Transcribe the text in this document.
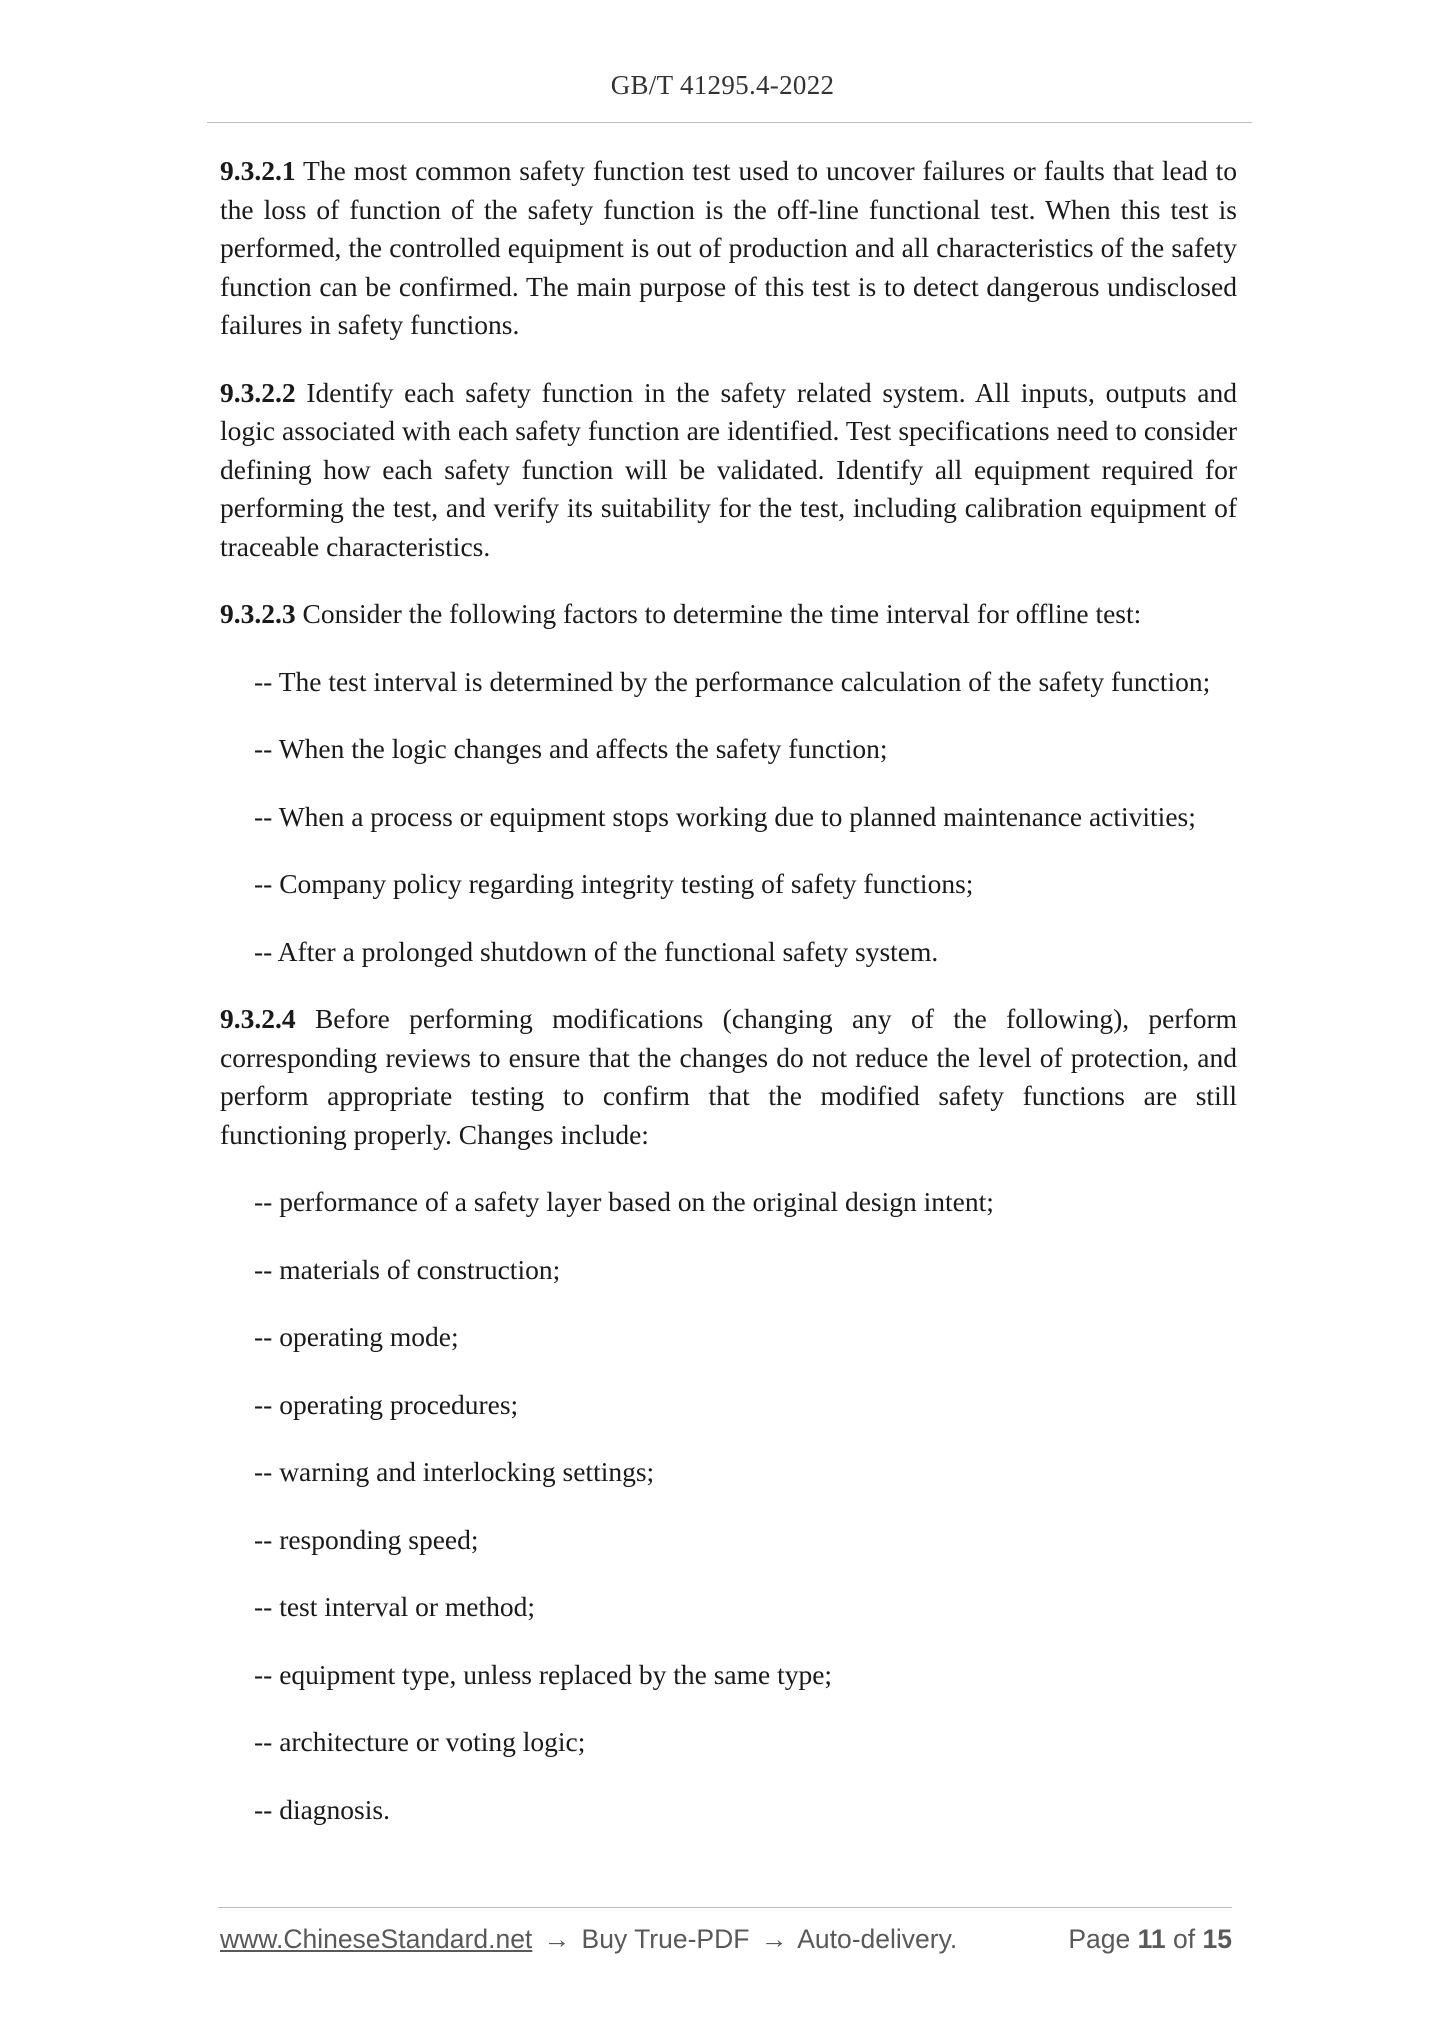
GB/T 41295.4-2022

9.3.2.1 The most common safety function test used to uncover failures or faults that lead to the loss of function of the safety function is the off-line functional test. When this test is performed, the controlled equipment is out of production and all characteristics of the safety function can be confirmed. The main purpose of this test is to detect dangerous undisclosed failures in safety functions.

9.3.2.2 Identify each safety function in the safety related system. All inputs, outputs and logic associated with each safety function are identified. Test specifications need to consider defining how each safety function will be validated. Identify all equipment required for performing the test, and verify its suitability for the test, including calibration equipment of traceable characteristics.

9.3.2.3 Consider the following factors to determine the time interval for offline test:

-- The test interval is determined by the performance calculation of the safety function;
-- When the logic changes and affects the safety function;
-- When a process or equipment stops working due to planned maintenance activities;
-- Company policy regarding integrity testing of safety functions;
-- After a prolonged shutdown of the functional safety system.

9.3.2.4 Before performing modifications (changing any of the following), perform corresponding reviews to ensure that the changes do not reduce the level of protection, and perform appropriate testing to confirm that the modified safety functions are still functioning properly. Changes include:

-- performance of a safety layer based on the original design intent;
-- materials of construction;
-- operating mode;
-- operating procedures;
-- warning and interlocking settings;
-- responding speed;
-- test interval or method;
-- equipment type, unless replaced by the same type;
-- architecture or voting logic;
-- diagnosis.
www.ChineseStandard.net → Buy True-PDF → Auto-delivery.	Page 11 of 15
